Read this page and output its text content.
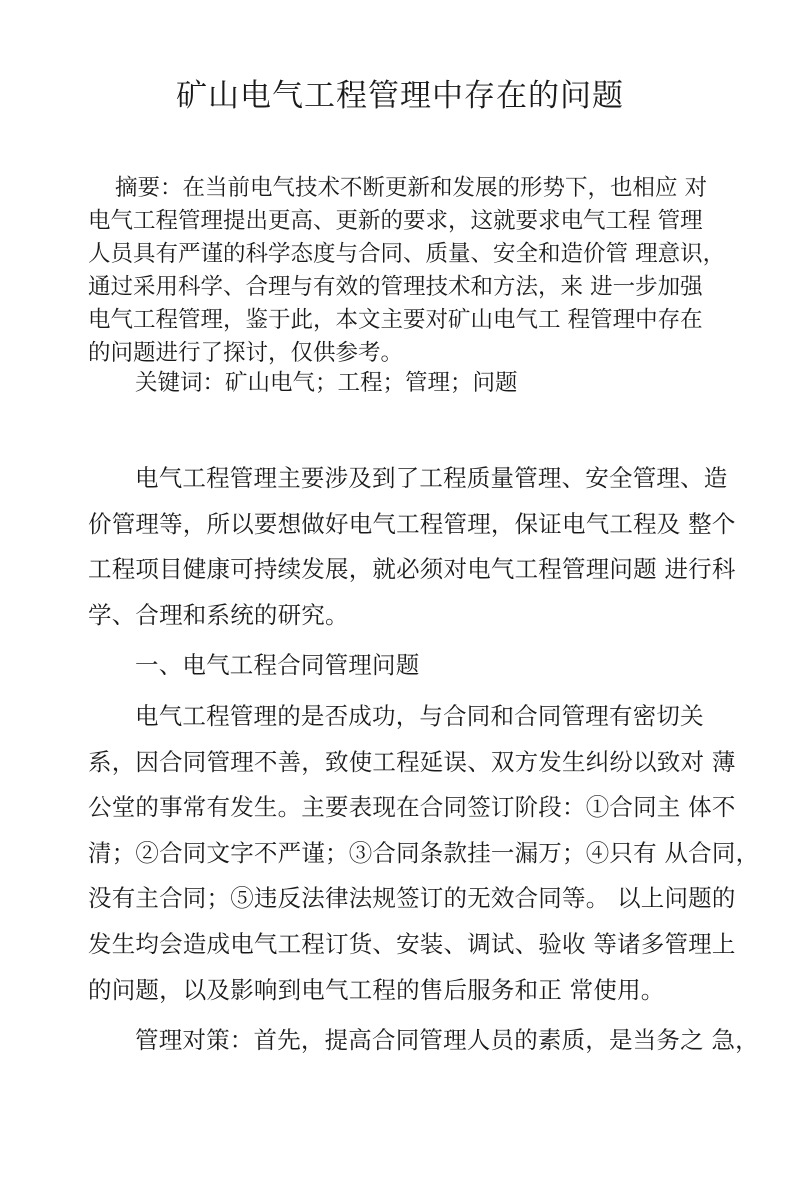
矿山电气工程管理中存在的问题
摘要：在当前电气技术不断更新和发展的形势下，也相应 对
电气工程管理提出更高、更新的要求，这就要求电气工程 管理
人员具有严谨的科学态度与合同、质量、安全和造价管 理意识，
通过采用科学、合理与有效的管理技术和方法，来 进一步加强
电气工程管理，鉴于此，本文主要对矿山电气工 程管理中存在
的问题进行了探讨，仅供参考。
关键词：矿山电气；工程；管理；问题
电气工程管理主要涉及到了工程质量管理、安全管理、造
价管理等，所以要想做好电气工程管理，保证电气工程及 整个
工程项目健康可持续发展，就必须对电气工程管理问题 进行科
学、合理和系统的研究。
一、电气工程合同管理问题
电气工程管理的是否成功，与合同和合同管理有密切关
系，因合同管理不善，致使工程延误、双方发生纠纷以致对 薄
公堂的事常有发生。主要表现在合同签订阶段：①合同主 体不
清；②合同文字不严谨；③合同条款挂一漏万；④只有 从合同，
没有主合同；⑤违反法律法规签订的无效合同等。 以上问题的
发生均会造成电气工程订货、安装、调试、验收 等诸多管理上
的问题，以及影响到电气工程的售后服务和正 常使用。
管理对策：首先，提高合同管理人员的素质，是当务之 急，
